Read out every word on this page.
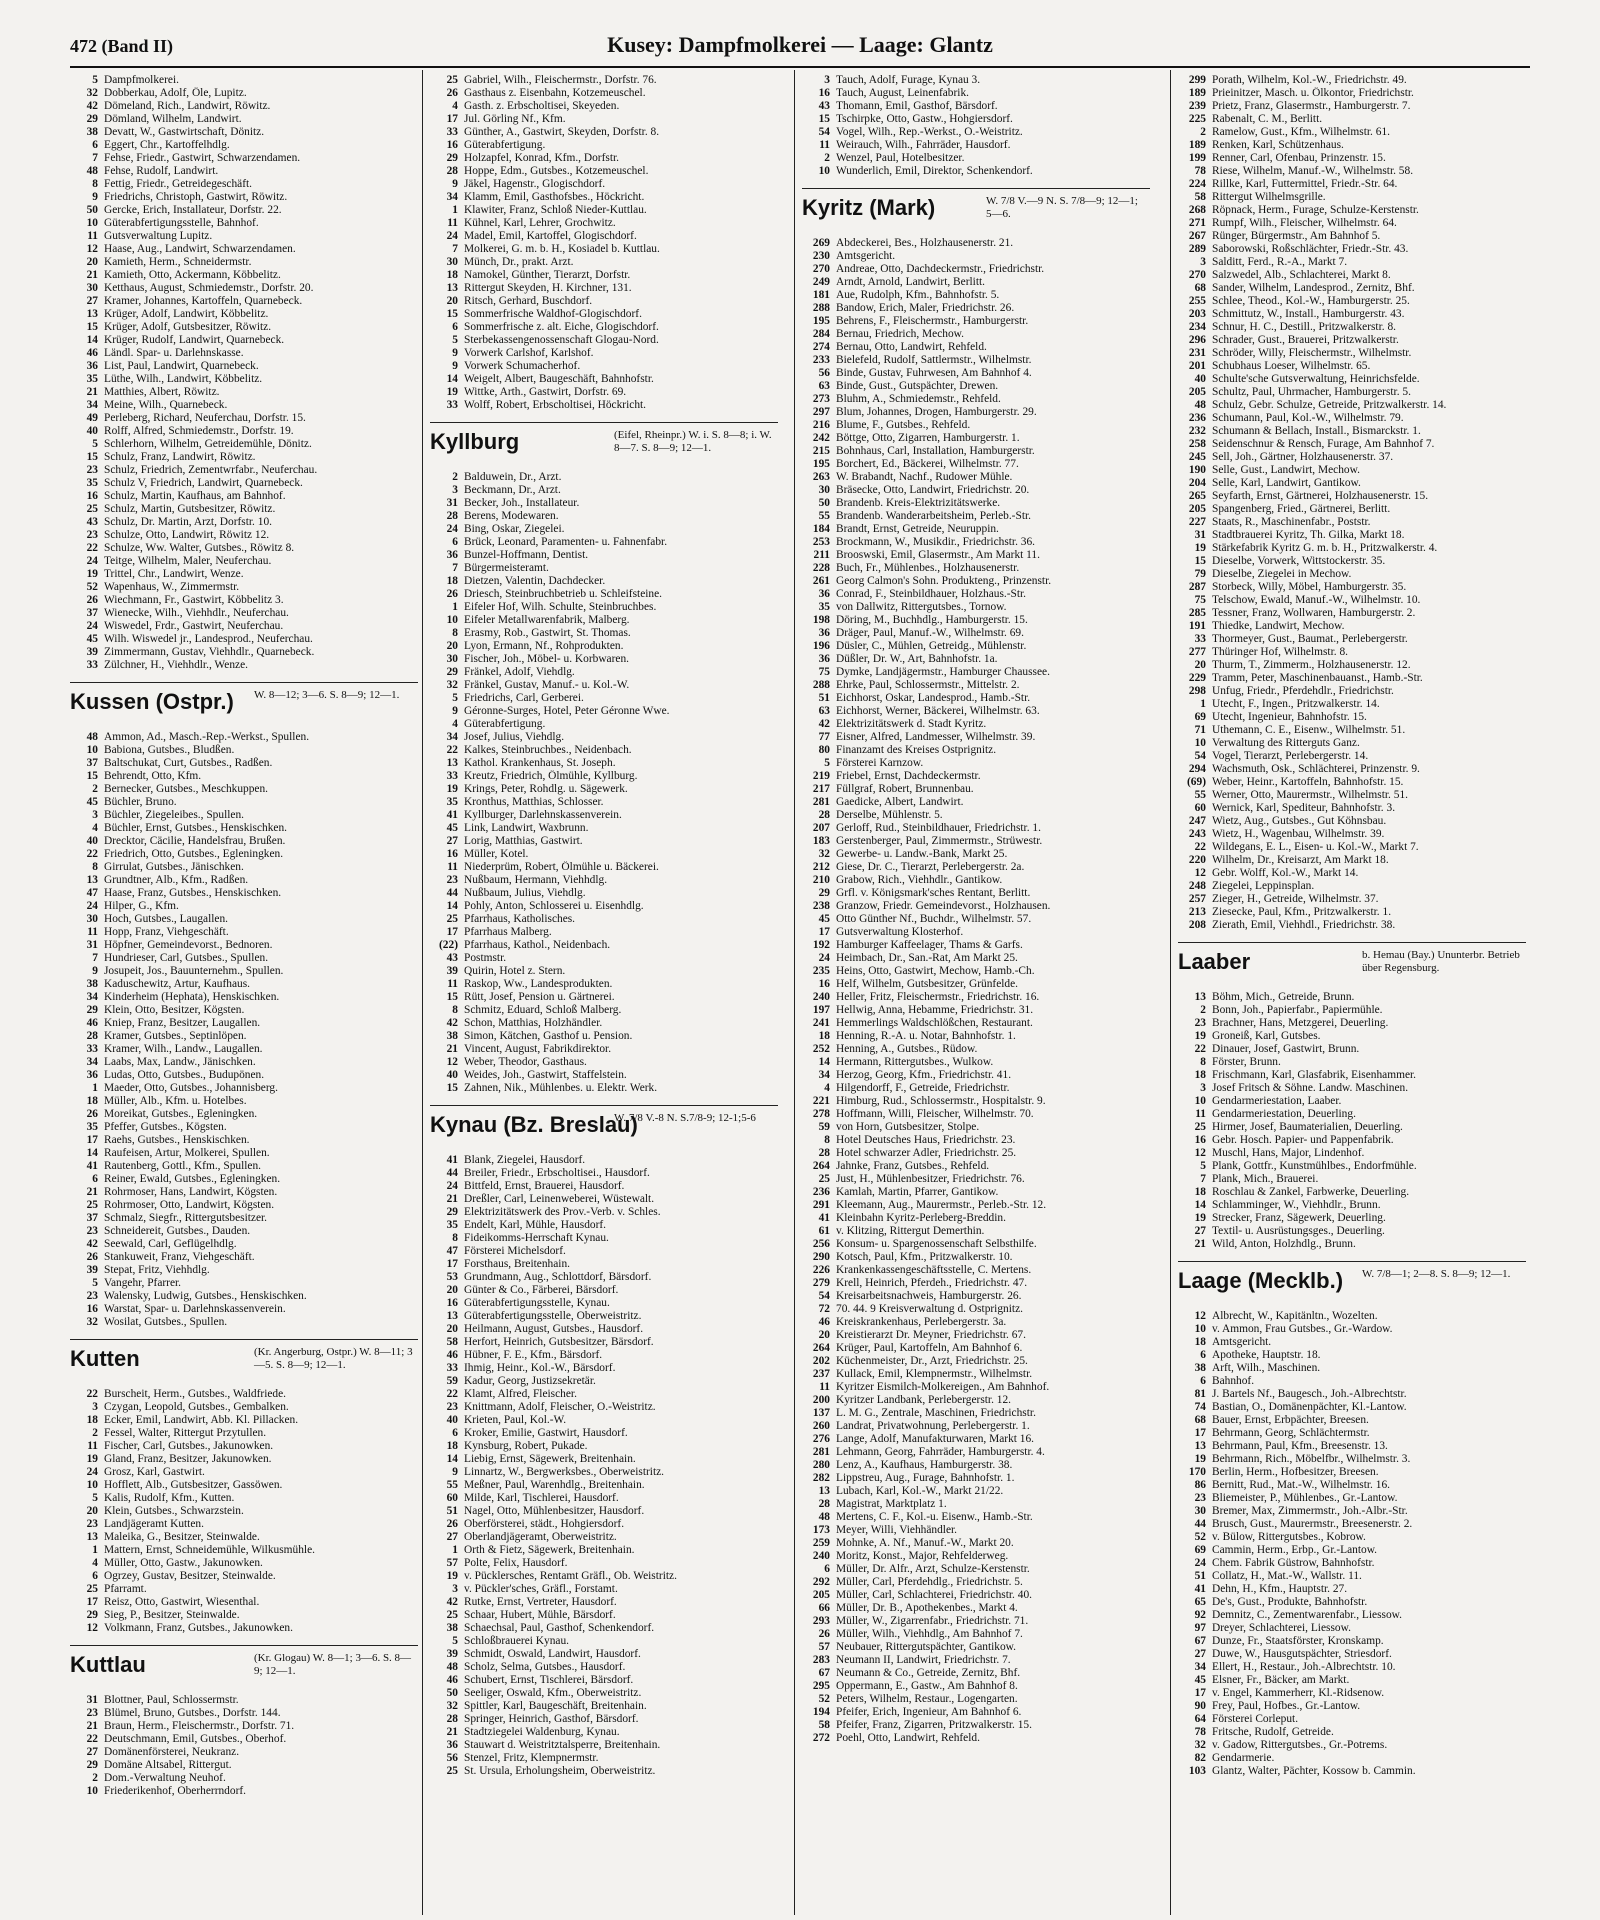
472 (Band II)	Kusey: Dampfmolkerei — Laage: Glantz
5 Dampfmolkerei.
32 Dobberkau, Adolf, Öle, Lupitz.
42 Dömeland, Rich., Landwirt, Röwitz.
29 Dömland, Wilhelm, Landwirt.
38 Devatt, W., Gastwirtschaft, Dönitz.
6 Eggert, Chr., Kartoffelhdlg.
7 Fehse, Friedr., Gastwirt, Schwarzendamen.
48 Fehse, Rudolf, Landwirt.
8 Fettig, Friedr., Getreidegeschäft.
9 Friedrichs, Christoph, Gastwirt, Röwitz.
50 Gercke, Erich, Installateur, Dorfstr. 22.
10 Güterabfertigungsstelle, Bahnhof.
11 Gutsverwaltung Lupitz.
12 Haase, Aug., Landwirt, Schwarzendamen.
20 Kamieth, Herm., Schneidermstr.
21 Kamieth, Otto, Ackermann, Köbbelitz.
30 Ketthaus, August, Schmiedemstr., Dorfstr. 20.
27 Kramer, Johannes, Kartoffeln, Quarnebeck.
13 Krüger, Adolf, Landwirt, Köbbelitz.
15 Krüger, Adolf, Gutsbesitzer, Röwitz.
14 Krüger, Rudolf, Landwirt, Quarnebeck.
46 Ländl. Spar- u. Darlehnskasse.
36 List, Paul, Landwirt, Quarnebeck.
35 Lüthe, Wilh., Landwirt, Köbbelitz.
21 Matthies, Albert, Röwitz.
34 Meine, Wilh., Quarnebeck.
49 Perleberg, Richard, Neuferchau, Dorfstr. 15.
40 Rolff, Alfred, Schmiedemstr., Dorfstr. 19.
5 Schlerhorn, Wilhelm, Getreidemühle, Dönitz.
15 Schulz, Franz, Landwirt, Röwitz.
23 Schulz, Friedrich, Zementwrfabr., Neuferchau.
35 Schulz V, Friedrich, Landwirt, Quarnebeck.
16 Schulz, Martin, Kaufhaus, am Bahnhof.
25 Schulz, Martin, Gutsbesitzer, Röwitz.
43 Schulz, Dr. Martin, Arzt, Dorfstr. 10.
23 Schulze, Otto, Landwirt, Röwitz 12.
22 Schulze, Ww. Walter, Gutsbes., Röwitz 8.
24 Teitge, Wilhelm, Maler, Neuferchau.
19 Trittel, Chr., Landwirt, Wenze.
52 Wapenhaus, W., Zimmermstr.
26 Wiechmann, Fr., Gastwirt, Köbbelitz 3.
37 Wienecke, Wilh., Viehhdlr., Neuferchau.
24 Wiswedel, Frdr., Gastwirt, Neuferchau.
45 Wilh. Wiswedel jr., Landesprod., Neuferchau.
39 Zimmermann, Gustav, Viehhdlr., Quarnebeck.
33 Zülchner, H., Viehhdlr., Wenze.
Kussen (Ostpr.) W. 8—12; 3—6. S. 8—9; 12—1.
48 Ammon, Ad., Masch.-Rep.-Werkst., Spullen.
10 Babiona, Gutsbes., Bludßen.
37 Baltschukat, Curt, Gutsbes., Radßen.
15 Behrendt, Otto, Kfm.
2 Bernecker, Gutsbes., Meschkuppen.
45 Büchler, Bruno.
3 Büchler, Ziegeleibes., Spullen.
4 Büchler, Ernst, Gutsbes., Henskischken.
40 Drecktor, Cäcilie, Handelsfrau, Brußen.
22 Friedrich, Otto, Gutsbes., Egleningken.
8 Girrulat, Gutsbes., Jänischken.
13 Grundtner, Alb., Kfm., Radßen.
47 Haase, Franz, Gutsbes., Henskischken.
24 Hilper, G., Kfm.
30 Hoch, Gutsbes., Laugallen.
11 Hopp, Franz, Viehgeschäft.
31 Höpfner, Gemeindevorst., Bednoren.
7 Hundrieser, Carl, Gutsbes., Spullen.
9 Josupeit, Jos., Bauunternehm., Spullen.
38 Kaduschewitz, Artur, Kaufhaus.
34 Kinderheim (Hephata), Henskischken.
29 Klein, Otto, Besitzer, Kögsten.
46 Kniep, Franz, Besitzer, Laugallen.
28 Kramer, Gutsbes., Septinlöpen.
33 Kramer, Wilh., Landw., Laugallen.
34 Laabs, Max, Landw., Jänischken.
36 Ludas, Otto, Gutsbes., Budupönen.
1 Maeder, Otto, Gutsbes., Johannisberg.
18 Müller, Alb., Kfm. u. Hotelbes.
26 Moreikat, Gutsbes., Egleningken.
35 Pfeffer, Gutsbes., Kögsten.
17 Raehs, Gutsbes., Henskischken.
14 Raufeisen, Artur, Molkerei, Spullen.
41 Rautenberg, Gottl., Kfm., Spullen.
6 Reiner, Ewald, Gutsbes., Egleningken.
21 Rohrmoser, Hans, Landwirt, Kögsten.
25 Rohrmoser, Otto, Landwirt, Kögsten.
37 Schmalz, Siegfr., Rittergutsbesitzer.
23 Schneidereit, Gutsbes., Dauden.
42 Seewald, Carl, Geflügelhdlg.
26 Stankuweit, Franz, Viehgeschäft.
39 Stepat, Fritz, Viehhdlg.
5 Vangehr, Pfarrer.
23 Walensky, Ludwig, Gutsbes., Henskischken.
16 Warstat, Spar- u. Darlehnskassenverein.
32 Wosilat, Gutsbes., Spullen.
Kutten	(Kr. Angerburg, Ostpr.) W. 8—11; 3—5. S. 8—9; 12—1.
22 Burscheit, Herm., Gutsbes., Waldfriede.
3 Czygan, Leopold, Gutsbes., Gembalken.
18 Ecker, Emil, Landwirt, Abb. Kl. Pillacken.
2 Fessel, Walter, Rittergut Przytullen.
11 Fischer, Carl, Gutsbes., Jakunowken.
19 Gland, Franz, Besitzer, Jakunowken.
24 Grosz, Karl, Gastwirt.
10 Hofflett, Alb., Gutsbesitzer, Gassöwen.
5 Kalis, Rudolf, Kfm., Kutten.
20 Klein, Gutsbes., Schwarzstein.
23 Landjägeramt Kutten.
13 Maleika, G., Besitzer, Steinwalde.
1 Mattern, Ernst, Schneidemühle, Wilkusmühle.
4 Müller, Otto, Gastw., Jakunowken.
6 Ogrzey, Gustav, Besitzer, Steinwalde.
25 Pfarramt.
17 Reisz, Otto, Gastwirt, Wiesenthal.
29 Sieg, P., Besitzer, Steinwalde.
12 Volkmann, Franz, Gutsbes., Jakunowken.
Kuttlau	(Kr. Glogau) W. 8—1; 3—6. S. 8—9; 12—1.
31 Blottner, Paul, Schlossermstr.
23 Blümel, Bruno, Gutsbes., Dorfstr. 144.
21 Braun, Herm., Fleischermstr., Dorfstr. 71.
22 Deutschmann, Emil, Gutsbes., Oberhof.
27 Domänenförsterei, Neukranz.
29 Domäne Altsabel, Rittergut.
2 Dom.-Verwaltung Neuhof.
10 Friederikenhof, Oberherrndorf.
25 Gabriel, Wilh., Fleischermstr., Dorfstr. 76.
26 Gasthaus z. Eisenbahn, Kotzemeuschel.
4 Gasth. z. Erbscholtisei, Skeyeden.
17 Jul. Görling Nf., Kfm.
33 Günther, A., Gastwirt, Skeyden, Dorfstr. 8.
16 Güterabfertigung.
29 Holzapfel, Konrad, Kfm., Dorfstr.
28 Hoppe, Edm., Gutsbes., Kotzemeuschel.
9 Jäkel, Hagenstr., Glogischdorf.
34 Klamm, Emil, Gasthofsbes., Höckricht.
1 Klawiter, Franz, Schloß Nieder-Kuttlau.
11 Kühnel, Karl, Lehrer, Grochwitz.
24 Madel, Emil, Kartoffel, Glogischdorf.
7 Molkerei, G. m. b. H., Kosiadel b. Kuttlau.
30 Münch, Dr., prakt. Arzt.
18 Namokel, Günther, Tierarzt, Dorfstr.
13 Rittergut Skeyden, H. Kirchner, 131.
20 Ritsch, Gerhard, Buschdorf.
15 Sommerfrische Waldhof-Glogischdorf.
6 Sommerfrische z. alt. Eiche, Glogischdorf.
5 Sterbekassengenossenschaft Glogau-Nord.
9 Vorwerk Carlshof, Karlshof.
9 Vorwerk Schumacherhof.
14 Weigelt, Albert, Baugeschäft, Bahnhofstr.
19 Wittke, Arth., Gastwirt, Dorfstr. 69.
33 Wolff, Robert, Erbscholtisei, Höckricht.
Kyllburg	(Eifel, Rheinpr.) W. i. S. 8—8; i. W. 8—7. S. 8—9; 12—1.
2 Balduwein, Dr., Arzt.
3 Beckmann, Dr., Arzt.
31 Becker, Joh., Installateur.
28 Berens, Modewaren.
24 Bing, Oskar, Ziegelei.
6 Brück, Leonard, Paramenten- u. Fahnenfabr.
36 Bunzel-Hoffmann, Dentist.
7 Bürgermeisteramt.
18 Dietzen, Valentin, Dachdecker.
26 Driesch, Steinbruchbetrieb u. Schleifsteine.
1 Eifeler Hof, Wilh. Schulte, Steinbruchbes.
10 Eifeler Metallwarenfabrik, Malberg.
8 Erasmy, Rob., Gastwirt, St. Thomas.
20 Lyon, Ermann, Nf., Rohprodukten.
30 Fischer, Joh., Möbel- u. Korbwaren.
29 Fränkel, Adolf, Viehdlg.
32 Fränkel, Gustav, Manuf.- u. Kol.-W.
5 Friedrichs, Carl, Gerberei.
9 Géronne-Surges, Hotel, Peter Géronne Wwe.
4 Güterabfertigung.
34 Josef, Julius, Viehdlg.
22 Kalkes, Steinbruchbes., Neidenbach.
13 Kathol. Krankenhaus, St. Joseph.
33 Kreutz, Friedrich, Ölmühle, Kyllburg.
19 Krings, Peter, Rohdlg. u. Sägewerk.
35 Kronthus, Matthias, Schlosser.
41 Kyllburger, Darlehnskassenverein.
45 Link, Landwirt, Waxbrunn.
27 Lorig, Matthias, Gastwirt.
16 Müller, Kotel.
11 Niederprüm, Robert, Ölmühle u. Bäckerei.
23 Nußbaum, Hermann, Viehhdlg.
44 Nußbaum, Julius, Viehdlg.
14 Pohly, Anton, Schlosserei u. Eisenhdlg.
25 Pfarrhaus, Katholisches.
17 Pfarrhaus Malberg.
(22) Pfarrhaus, Kathol., Neidenbach.
43 Postmstr.
39 Quirin, Hotel z. Stern.
11 Raskop, Ww., Landesprodukten.
15 Rütt, Josef, Pension u. Gärtnerei.
8 Schmitz, Eduard, Schloß Malberg.
42 Schon, Matthias, Holzhändler.
38 Simon, Kätchen, Gasthof u. Pension.
21 Vincent, August, Fabrikdirektor.
12 Weber, Theodor, Gasthaus.
40 Weides, Joh., Gastwirt, Staffelstein.
15 Zahnen, Nik., Mühlenbes. u. Elektr. Werk.
Kynau (Bz. Breslau)
W. 7/8 V.-8 N. S.7/8-9; 12-1;5-6
41 Blank, Ziegelei, Hausdorf.
44 Breiler, Friedr., Erbscholtisei., Hausdorf.
24 Bittfeld, Ernst, Brauerei, Hausdorf.
21 Dreßler, Carl, Leinenweberei, Wüstewalt.
29 Elektrizitätswerk des Prov.-Verb. v. Schles.
35 Endelt, Karl, Mühle, Hausdorf.
8 Fideikomms-Herrschaft Kynau.
47 Försterei Michelsdorf.
17 Forsthaus, Breitenhain.
53 Grundmann, Aug., Schlottdorf, Bärsdorf.
20 Günter & Co., Färberei, Bärsdorf.
16 Güterabfertigungsstelle, Kynau.
13 Güterabfertigungsstelle, Oberweistritz.
20 Heilmann, August, Gutsbes., Hausdorf.
58 Herfort, Heinrich, Gutsbesitzer, Bärsdorf.
46 Hübner, F. E., Kfm., Bärsdorf.
33 Ihmig, Heinr., Kol.-W., Bärsdorf.
59 Kadur, Georg, Justizsekretär.
22 Klamt, Alfred, Fleischer.
23 Knittmann, Adolf, Fleischer, O.-Weistritz.
40 Krieten, Paul, Kol.-W.
6 Kroker, Emilie, Gastwirt, Hausdorf.
18 Kynsburg, Robert, Pukade.
14 Liebig, Ernst, Sägewerk, Breitenhain.
9 Linnartz, W., Bergwerksbes., Oberweistritz.
55 Meßner, Paul, Warenhdlg., Breitenhain.
60 Milde, Karl, Tischlerei, Hausdorf.
51 Nagel, Otto, Mühlenbesitzer, Hausdorf.
26 Oberförsterei, städt., Hohgiersdorf.
27 Oberlandjägeramt, Oberweistritz.
1 Orth & Fietz, Sägewerk, Breitenhain.
57 Polte, Felix, Hausdorf.
19 v. Pücklersches, Rentamt Gräfl., Ob. Weistritz.
3 v. Pückler'sches, Gräfl., Forstamt.
42 Rutke, Ernst, Vertreter, Hausdorf.
25 Schaar, Hubert, Mühle, Bärsdorf.
38 Schaechsal, Paul, Gasthof, Schenkendorf.
5 Schloßbrauerei Kynau.
39 Schmidt, Oswald, Landwirt, Hausdorf.
48 Scholz, Selma, Gutsbes., Hausdorf.
46 Schubert, Ernst, Tischlerei, Bärsdorf.
50 Seeliger, Oswald, Kfm., Oberweistritz.
32 Spittler, Karl, Baugeschäft, Breitenhain.
28 Springer, Heinrich, Gasthof, Bärsdorf.
21 Stadtziegelei Waldenburg, Kynau.
36 Stauwart d. Weistritztalsperre, Breitenhain.
56 Stenzel, Fritz, Klempnermstr.
25 St. Ursula, Erholungsheim, Oberweistritz.
3 Tauch, Adolf, Furage, Kynau 3.
16 Tauch, August, Leinenfabrik.
43 Thomann, Emil, Gasthof, Bärsdorf.
15 Tschirpke, Otto, Gastw., Hohgiersdorf.
54 Vogel, Wilh., Rep.-Werkst., O.-Weistritz.
11 Weirauch, Wilh., Fahrräder, Hausdorf.
2 Wenzel, Paul, Hotelbesitzer.
10 Wunderlich, Emil, Direktor, Schenkendorf.
Kyritz (Mark)	W. 7/8 V.—9 N. S. 7/8—9; 12—1; 5—6.
269 Abdeckerei, Bes., Holzhausenerstr. 21.
230 Amtsgericht.
270 Andreae, Otto, Dachdeckermstr., Friedrichstr.
249 Arndt, Arnold, Landwirt, Berlitt.
181 Aue, Rudolph, Kfm., Bahnhofstr. 5.
288 Bandow, Erich, Maler, Friedrichstr. 26.
195 Behrens, F., Fleischermstr., Hamburgerstr.
284 Bernau, Friedrich, Mechow.
274 Bernau, Otto, Landwirt, Rehfeld.
233 Bielefeld, Rudolf, Sattlermstr., Wilhelmstr.
56 Binde, Gustav, Fuhrwesen, Am Bahnhof 4.
63 Binde, Gust., Gutspächter, Drewen.
273 Bluhm, A., Schmiedemstr., Rehfeld.
297 Blum, Johannes, Drogen, Hamburgerstr. 29.
216 Blume, F., Gutsbes., Rehfeld.
242 Böttge, Otto, Zigarren, Hamburgerstr. 1.
215 Bohnhaus, Carl, Installation, Hamburgerstr.
195 Borchert, Ed., Bäckerei, Wilhelmstr. 77.
263 W. Brabandt, Nachf., Rudower Mühle.
30 Bräsecke, Otto, Landwirt, Friedrichstr. 20.
50 Brandenb. Kreis-Elektrizitätswerke.
55 Brandenb. Wanderarbeitsheim, Perleb.-Str.
184 Brandt, Ernst, Getreide, Neuruppin.
253 Brockmann, W., Musikdir., Friedrichstr. 36.
211 Brooswski, Emil, Glasermstr., Am Markt 11.
228 Buch, Fr., Mühlenbes., Holzhausenerstr.
261 Georg Calmon's Sohn. Produkteng., Prinzenstr.
36 Conrad, F., Steinbildhauer, Holzhaus.-Str.
35 von Dallwitz, Rittergutsbes., Tornow.
198 Döring, M., Buchhdlg., Hamburgerstr. 15.
36 Dräger, Paul, Manuf.-W., Wilhelmstr. 69.
196 Düsler, C., Mühlen, Getreidg., Mühlenstr.
36 Düßler, Dr. W., Art, Bahnhofstr. 1a.
75 Dymke, Landjägermstr., Hamburger Chaussee.
288 Ehrke, Paul, Schlossermstr., Mittelstr. 2.
51 Eichhorst, Oskar, Landesprod., Hamb.-Str.
63 Eichhorst, Werner, Bäckerei, Wilhelmstr. 63.
42 Elektrizitätswerk d. Stadt Kyritz.
77 Eisner, Alfred, Landmesser, Wilhelmstr. 39.
80 Finanzamt des Kreises Ostprignitz.
5 Försterei Karnzow.
219 Friebel, Ernst, Dachdeckermstr.
217 Füllgraf, Robert, Brunnenbau.
281 Gaedicke, Albert, Landwirt.
28 Derselbe, Mühlenstr. 5.
207 Gerloff, Rud., Steinbildhauer, Friedrichstr. 1.
183 Gerstenberger, Paul, Zimmermstr., Strüwestr.
32 Gewerbe- u. Landw.-Bank, Markt 25.
212 Giese, Dr. C., Tierarzt, Perlebergerstr. 2a.
210 Grabow, Rich., Viehhdlr., Gantikow.
29 Grfl. v. Königsmark'sches Rentant, Berlitt.
238 Granzow, Friedr. Gemeindevorst., Holzhausen.
45 Otto Günther Nf., Buchdr., Wilhelmstr. 57.
17 Gutsverwaltung Klosterhof.
192 Hamburger Kaffeelager, Thams & Garfs.
24 Heimbach, Dr., San.-Rat, Am Markt 25.
235 Heins, Otto, Gastwirt, Mechow, Hamb.-Ch.
16 Helf, Wilhelm, Gutsbesitzer, Grünfelde.
240 Heller, Fritz, Fleischermstr., Friedrichstr. 16.
197 Hellwig, Anna, Hebamme, Friedrichstr. 31.
241 Hemmerlings Waldschlößchen, Restaurant.
18 Henning, R.-A. u. Notar, Bahnhofstr. 1.
252 Henning, A., Gutsbes., Rüdow.
14 Hermann, Rittergutsbes., Wulkow.
34 Herzog, Georg, Kfm., Friedrichstr. 41.
4 Hilgendorff, F., Getreide, Friedrichstr.
221 Himburg, Rud., Schlossermstr., Hospitalstr. 9.
278 Hoffmann, Willi, Fleischer, Wilhelmstr. 70.
59 von Horn, Gutsbesitzer, Stolpe.
8 Hotel Deutsches Haus, Friedrichstr. 23.
28 Hotel schwarzer Adler, Friedrichstr. 25.
264 Jahnke, Franz, Gutsbes., Rehfeld.
25 Just, H., Mühlenbesitzer, Friedrichstr. 76.
236 Kamlah, Martin, Pfarrer, Gantikow.
291 Kleemann, Aug., Maurermstr., Perleb.-Str. 12.
41 Kleinbahn Kyritz-Perleberg-Breddin.
61 v. Klitzing, Rittergut Demerthin.
256 Konsum- u. Spargenossenschaft Selbsthilfe.
290 Kotsch, Paul, Kfm., Pritzwalkerstr. 10.
226 Krankenkassengeschäftsstelle, C. Mertens.
279 Krell, Heinrich, Pferdeh., Friedrichstr. 47.
54 Kreisarbeitsnachweis, Hamburgerstr. 26.
72 70. 44. 9 Kreisverwaltung d. Ostprignitz.
46 Kreiskrankenhaus, Perlebergerstr. 3a.
20 Kreistierarzt Dr. Meyner, Friedrichstr. 67.
264 Krüger, Paul, Kartoffeln, Am Bahnhof 6.
202 Küchenmeister, Dr., Arzt, Friedrichstr. 25.
237 Kullack, Emil, Klempnermstr., Wilhelmstr.
11 Kyritzer Eismilch-Molkereigen., Am Bahnhof.
200 Kyritzer Landbank, Perlebergerstr. 12.
137 L. M. G., Zentrale, Maschinen, Friedrichstr.
260 Landrat, Privatwohnung, Perlebergerstr. 1.
276 Lange, Adolf, Manufakturwaren, Markt 16.
281 Lehmann, Georg, Fahrräder, Hamburgerstr. 4.
280 Lenz, A., Kaufhaus, Hamburgerstr. 38.
282 Lippstreu, Aug., Furage, Bahnhofstr. 1.
13 Lubach, Karl, Kol.-W., Markt 21/22.
28 Magistrat, Marktplatz 1.
48 Mertens, C. F., Kol.-u. Eisenw., Hamb.-Str.
173 Meyer, Willi, Viehhändler.
259 Mohnke, A. Nf., Manuf.-W., Markt 20.
240 Moritz, Konst., Major, Rehfelderweg.
6 Müller, Dr. Alfr., Arzt, Schulze-Kerstenstr.
292 Müller, Carl, Pferdehdlg., Friedrichstr. 5.
205 Müller, Carl, Schlachterei, Friedrichstr. 40.
66 Müller, Dr. B., Apothekenbes., Markt 4.
293 Müller, W., Zigarrenfabr., Friedrichstr. 71.
26 Müller, Wilh., Viehhdlg., Am Bahnhof 7.
57 Neubauer, Rittergutspächter, Gantikow.
283 Neumann II, Landwirt, Friedrichstr. 7.
67 Neumann & Co., Getreide, Zernitz, Bhf.
295 Oppermann, E., Gastw., Am Bahnhof 8.
52 Peters, Wilhelm, Restaur., Logengarten.
194 Pfeifer, Erich, Ingenieur, Am Bahnhof 6.
58 Pfeifer, Franz, Zigarren, Pritzwalkerstr. 15.
272 Poehl, Otto, Landwirt, Rehfeld.
299 Porath, Wilhelm, Kol.-W., Friedrichstr. 49.
189 Prieinitzer, Masch. u. Ölkontor, Friedrichstr.
239 Prietz, Franz, Glasermstr., Hamburgerstr. 7.
225 Rabenalt, C. M., Berlitt.
2 Ramelow, Gust., Kfm., Wilhelmstr. 61.
189 Renken, Karl, Schützenhaus.
199 Renner, Carl, Ofenbau, Prinzenstr. 15.
78 Riese, Wilhelm, Manuf.-W., Wilhelmstr. 58.
224 Rillke, Karl, Futtermittel, Friedr.-Str. 64.
58 Rittergut Wilhelmsgrille.
268 Röpnack, Herm., Furage, Schulze-Kerstenstr.
271 Rumpf, Wilh., Fleischer, Wilhelmstr. 64.
267 Rünger, Bürgermstr., Am Bahnhof 5.
289 Saborowski, Roßschlächter, Friedr.-Str. 43.
3 Salditt, Ferd., R.-A., Markt 7.
270 Salzwedel, Alb., Schlachterei, Markt 8.
68 Sander, Wilhelm, Landesprod., Zernitz, Bhf.
255 Schlee, Theod., Kol.-W., Hamburgerstr. 25.
203 Schmittutz, W., Install., Hamburgerstr. 43.
234 Schnur, H. C., Destill., Pritzwalkerstr. 8.
296 Schrader, Gust., Brauerei, Pritzwalkerstr.
231 Schröder, Willy, Fleischermstr., Wilhelmstr.
201 Schubhaus Loeser, Wilhelmstr. 65.
40 Schulte'sche Gutsverwaltung, Heinrichsfelde.
205 Schultz, Paul, Uhrmacher, Hamburgerstr. 5.
48 Schulz, Gebr. Schulze, Getreide, Pritzwalkerstr. 14.
236 Schumann, Paul, Kol.-W., Wilhelmstr. 79.
232 Schumann & Bellach, Install., Bismarckstr. 1.
258 Seidenschnur & Rensch, Furage, Am Bahnhof 7.
245 Sell, Joh., Gärtner, Holzhausenerstr. 37.
190 Selle, Gust., Landwirt, Mechow.
204 Selle, Karl, Landwirt, Gantikow.
265 Seyfarth, Ernst, Gärtnerei, Holzhausenerstr. 15.
205 Spangenberg, Fried., Gärtnerei, Berlitt.
227 Staats, R., Maschinenfabr., Poststr.
31 Stadtbrauerei Kyritz, Th. Gilka, Markt 18.
19 Stärkefabrik Kyritz G. m. b. H., Pritzwalkerstr. 4.
15 Dieselbe, Vorwerk, Wittstockerstr. 35.
79 Dieselbe, Ziegelei in Mechow.
287 Storbeck, Willy, Möbel, Hamburgerstr. 35.
75 Telschow, Ewald, Manuf.-W., Wilhelmstr. 10.
285 Tessner, Franz, Wollwaren, Hamburgerstr. 2.
191 Thiedke, Landwirt, Mechow.
33 Thormeyer, Gust., Baumat., Perlebergerstr.
277 Thüringer Hof, Wilhelmstr. 8.
20 Thurm, T., Zimmerm., Holzhausenerstr. 12.
229 Tramm, Peter, Maschinenbauanst., Hamb.-Str.
298 Unfug, Friedr., Pferdehdlr., Friedrichstr.
1 Utecht, F., Ingen., Pritzwalkerstr. 14.
69 Utecht, Ingenieur, Bahnhofstr. 15.
71 Uthemann, C. E., Eisenw., Wilhelmstr. 51.
10 Verwaltung des Ritterguts Ganz.
54 Vogel, Tierarzt, Perlebergerstr. 14.
294 Wachsmuth, Osk., Schlächterei, Prinzenstr. 9.
(69) Weber, Heinr., Kartoffeln, Bahnhofstr. 15.
55 Werner, Otto, Maurermstr., Wilhelmstr. 51.
60 Wernick, Karl, Spediteur, Bahnhofstr. 3.
247 Wietz, Aug., Gutsbes., Gut Köhnsbau.
243 Wietz, H., Wagenbau, Wilhelmstr. 39.
22 Wildegans, E. L., Eisen- u. Kol.-W., Markt 7.
220 Wilhelm, Dr., Kreisarzt, Am Markt 18.
12 Gebr. Wolff, Kol.-W., Markt 14.
248 Ziegelei, Leppinsplan.
257 Zieger, H., Getreide, Wilhelmstr. 37.
213 Ziesecke, Paul, Kfm., Pritzwalkerstr. 1.
208 Zierath, Emil, Viehhdl., Friedrichstr. 38.
Laaber	b. Hemau (Bay.) Ununterbr. Betrieb über Regensburg.
13 Böhm, Mich., Getreide, Brunn.
2 Bonn, Joh., Papierfabr., Papiermühle.
23 Brachner, Hans, Metzgerei, Deuerling.
19 Groneiß, Karl, Gutsbes.
22 Dinauer, Josef, Gastwirt, Brunn.
8 Förster, Brunn.
18 Frischmann, Karl, Glasfabrik, Eisenhammer.
3 Josef Fritsch & Söhne. Landw. Maschinen.
10 Gendarmeriestation, Laaber.
11 Gendarmeriestation, Deuerling.
25 Hirmer, Josef, Baumaterialien, Deuerling.
16 Gebr. Hosch. Papier- und Pappenfabrik.
12 Muschl, Hans, Major, Lindenhof.
5 Plank, Gottfr., Kunstmühlbes., Endorfmühle.
7 Plank, Mich., Brauerei.
18 Roschlau & Zankel, Farbwerke, Deuerling.
14 Schlamminger, W., Viehhdlr., Brunn.
19 Strecker, Franz, Sägewerk, Deuerling.
27 Textil- u. Ausrüstungsges., Deuerling.
21 Wild, Anton, Holzhdlg., Brunn.
Laage (Mecklb.) W. 7/8—1; 2—8. S. 8—9; 12—1.
12 Albrecht, W., Kapitänltn., Wozelten.
10 v. Ammon, Frau Gutsbes., Gr.-Wardow.
18 Amtsgericht.
6 Apotheke, Hauptstr. 18.
38 Arft, Wilh., Maschinen.
6 Bahnhof.
81 J. Bartels Nf., Baugesch., Joh.-Albrechtstr.
74 Bastian, O., Domänenpächter, Kl.-Lantow.
68 Bauer, Ernst, Erbpächter, Breesen.
17 Behrmann, Georg, Schlächtermstr.
13 Behrmann, Paul, Kfm., Breesenstr. 13.
19 Behrmann, Rich., Möbelfbr., Wilhelmstr. 3.
170 Berlin, Herm., Hofbesitzer, Breesen.
86 Bernitt, Rud., Mat.-W., Wilhelmstr. 16.
23 Bliemeister, P., Mühlenbes., Gr.-Lantow.
30 Bremer, Max, Zimmermstr., Joh.-Albr.-Str.
44 Brusch, Gust., Maurermstr., Breesenerstr. 2.
52 v. Bülow, Rittergutsbes., Kobrow.
69 Cammin, Herm., Erbp., Gr.-Lantow.
24 Chem. Fabrik Güstrow, Bahnhofstr.
51 Collatz, H., Mat.-W., Wallstr. 11.
41 Dehn, H., Kfm., Hauptstr. 27.
65 De's, Gust., Produkte, Bahnhofstr.
92 Demnitz, C., Zementwarenfabr., Liessow.
97 Dreyer, Schlachterei, Liessow.
67 Dunze, Fr., Staatsförster, Kronskamp.
27 Duwe, W., Hausgutspächter, Striesdorf.
34 Ellert, H., Restaur., Joh.-Albrechtstr. 10.
45 Elsner, Fr., Bäcker, am Markt.
17 v. Engel, Kammerherr, Kl.-Ridsenow.
90 Frey, Paul, Hofbes., Gr.-Lantow.
64 Försterei Corleput.
78 Fritsche, Rudolf, Getreide.
32 v. Gadow, Rittergutsbes., Gr.-Potrems.
82 Gendarmerie.
103 Glantz, Walter, Pächter, Kossow b. Cammin.
